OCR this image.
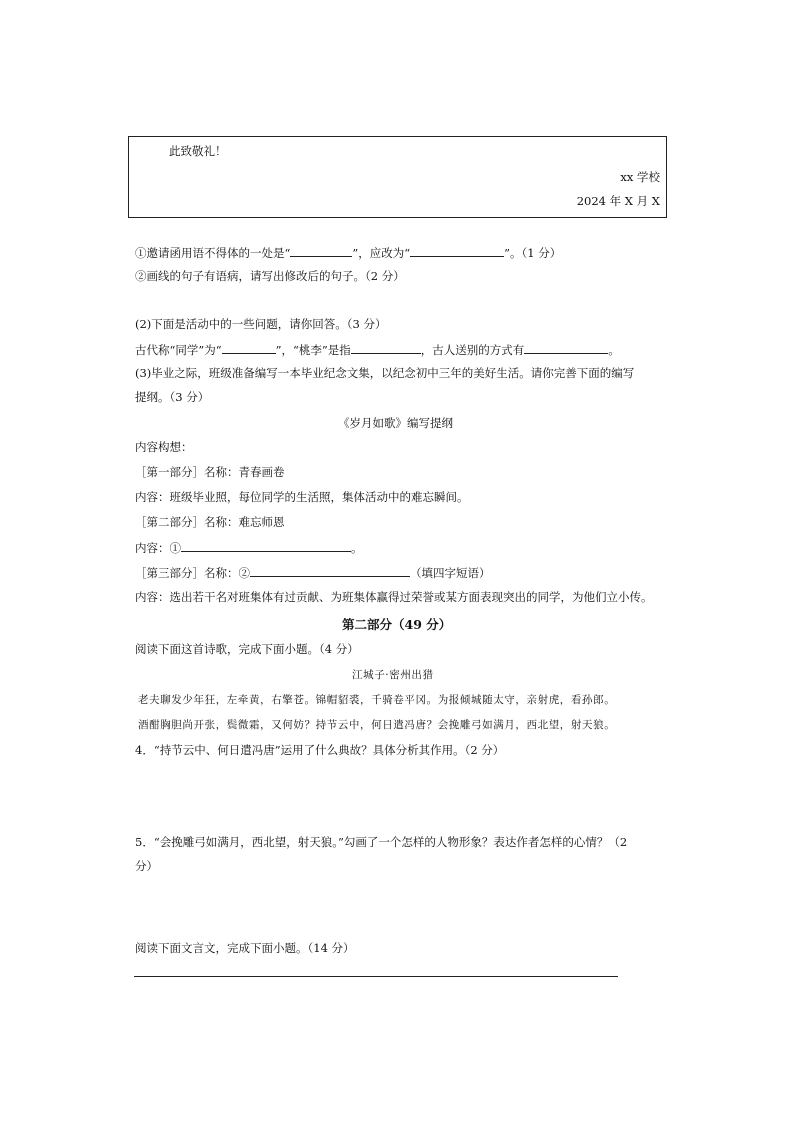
此致敬礼！
xx 学校
2024 年 X 月 X
①邀请函用语不得体的一处是“	”，应改为“	”。（1 分）
②画线的句子有语病，请写出修改后的句子。（2 分）
(2)下面是活动中的一些问题，请你回答。（3 分）
古代称“同学”为“	”，“桃李”是指	，古人送别的方式有	。
(3)毕业之际，班级准备编写一本毕业纪念文集，以纪念初中三年的美好生活。请你完善下面的编写
提纲。（3 分）
《岁月如歌》编写提纲
内容构想：
［第一部分］名称：青春画卷
内容：班级毕业照，每位同学的生活照，集体活动中的难忘瞬间。
［第二部分］名称：难忘师恩
内容：①	。
［第三部分］名称：②	（填四字短语）
内容：选出若干名对班集体有过贡献、为班集体赢得过荣誉或某方面表现突出的同学，为他们立小传。
第二部分（49 分）
阅读下面这首诗歌，完成下面小题。（4 分）
江城子·密州出猎
老夫聊发少年狂，左牵黄，右擎苍。锦帽貂裘，千骑卷平冈。为报倾城随太守，亲射虎，看孙郎。
酒酣胸胆尚开张，鬓微霜，又何妨？持节云中，何日遣冯唐？会挽雕弓如满月，西北望，射天狼。
4．“持节云中、何日遣冯唐”运用了什么典故？具体分析其作用。（2 分）
5．“会挽雕弓如满月，西北望，射天狼。”勾画了一个怎样的人物形象？表达作者怎样的心情？（2
分）
阅读下面文言文，完成下面小题。（14 分）
